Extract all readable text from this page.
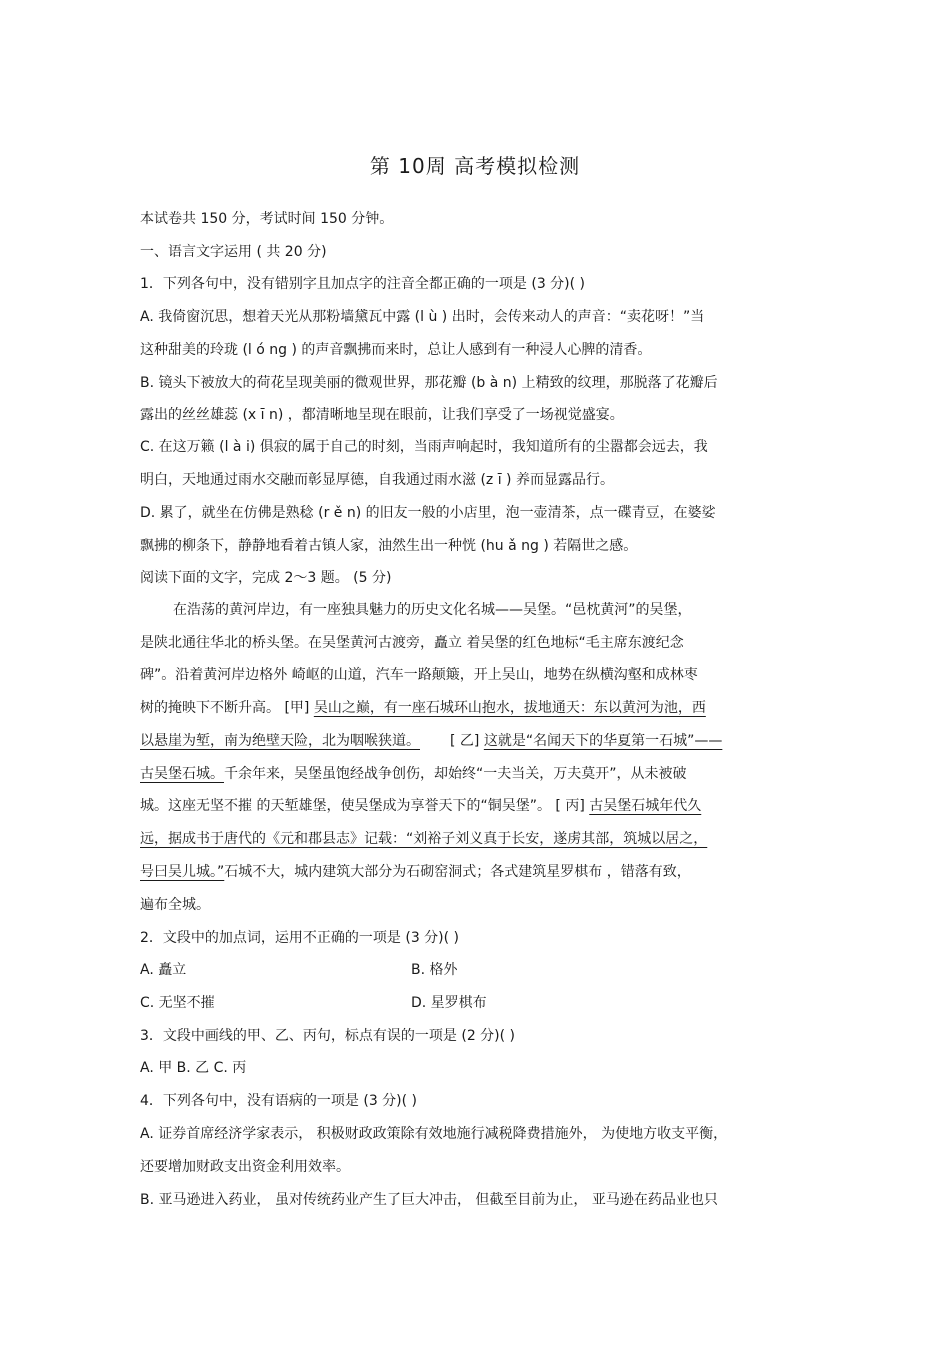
第 10周 高考模拟检测
本试卷共 150 分，考试时间 150 分钟。
一、语言文字运用 ( 共 20 分)
1．下列各句中，没有错别字且加点字的注音全都正确的一项是 (3 分)( )
A. 我倚窗沉思，想着天光从那粉墙黛瓦中露 (l ù ) 出时，会传来动人的声音：“卖花呀！”当
这种甜美的玲珑 (l ó ng ) 的声音飘拂而来时，总让人感到有一种浸人心脾的清香。
B. 镜头下被放大的荷花呈现美丽的微观世界，那花瓣 (b à n) 上精致的纹理，那脱落了花瓣后
露出的丝丝雄蕊 (x ī n) ，都清晰地呈现在眼前，让我们享受了一场视觉盛宴。
C. 在这万籁 (l à i) 俱寂的属于自己的时刻，当雨声响起时，我知道所有的尘嚣都会远去，我
明白，天地通过雨水交融而彰显厚德，自我通过雨水滋 (z ī ) 养而显露品行。
D. 累了，就坐在仿佛是熟稔 (r ě n) 的旧友一般的小店里，泡一壶清茶，点一碟青豆，在婆娑
飘拂的柳条下，静静地看着古镇人家，油然生出一种恍 (hu ǎ ng ) 若隔世之感。
阅读下面的文字，完成 2～3 题。 (5 分)
在浩荡的黄河岸边，有一座独具魅力的历史文化名城——吴堡。“邑枕黄河”的吴堡，
是陕北通往华北的桥头堡。在吴堡黄河古渡旁，矗立 着吴堡的红色地标“毛主席东渡纪念
碑”。沿着黄河岸边格外 崎岖的山道，汽车一路颠簸，开上吴山，地势在纵横沟壑和成林枣
树的掩映下不断升高。 [甲] 吴山之巅，有一座石城环山抱水，拔地通天：东以黄河为池，西
以悬崖为堑，南为绝壁天险，北为咽喉狭道。 [ 乙] 这就是“名闻天下的华夏第一石城”——
古吴堡石城。千余年来，吴堡虽饱经战争创伤，却始终“一夫当关，万夫莫开”，从未被破
城。这座无坚不摧 的天堑雄堡，使吴堡成为享誉天下的“铜吴堡”。 [ 丙] 古吴堡石城年代久
远，据成书于唐代的《元和郡县志》记载：“刘裕子刘义真于长安，遂虏其部，筑城以居之，
号曰吴儿城。”石城不大，城内建筑大部分为石砌窑洞式；各式建筑星罗棋布 ，错落有致，
遍布全城。
2．文段中的加点词，运用不正确的一项是 (3 分)( )
A. 矗立	B. 格外
C. 无坚不摧	D. 星罗棋布
3．文段中画线的甲、乙、丙句，标点有误的一项是 (2 分)( )
A. 甲 B. 乙 C. 丙
4．下列各句中，没有语病的一项是 (3 分)( )
A. 证券首席经济学家表示， 积极财政政策除有效地施行减税降费措施外， 为使地方收支平衡，
还要增加财政支出资金利用效率。
B. 亚马逊进入药业， 虽对传统药业产生了巨大冲击， 但截至目前为止， 亚马逊在药品业也只
